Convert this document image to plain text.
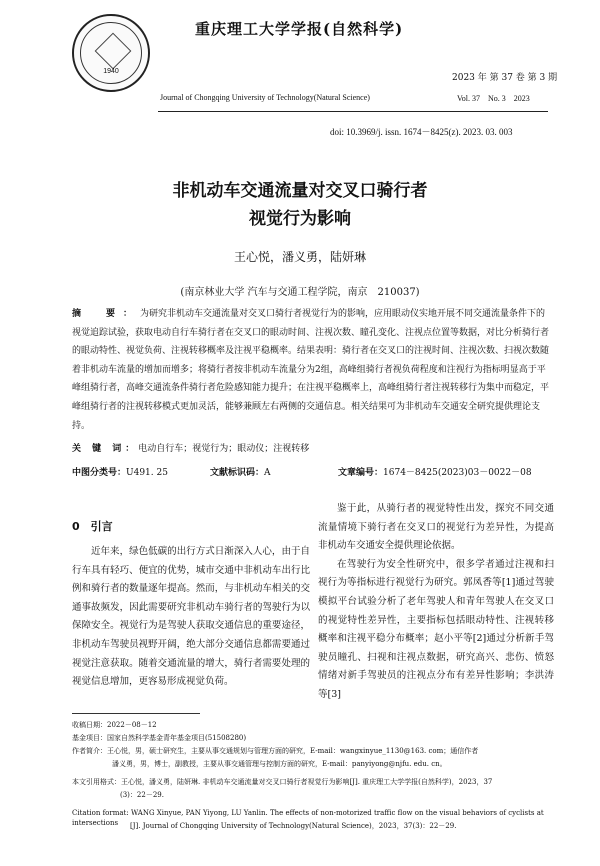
1940
重庆理工大学学报(自然科学)
Journal of Chongqing University of Technology(Natural Science)
2023 年 第 37 卷 第 3 期
Vol. 37　No. 3　2023
doi: 10.3969/j. issn. 1674－8425(z). 2023. 03. 003
非机动车交通流量对交叉口骑行者
视觉行为影响
王心悦，潘义勇，陆妍琳
(南京林业大学 汽车与交通工程学院，南京　210037)
摘　要：为研究非机动车交通流量对交叉口骑行者视觉行为的影响，应用眼动仪实地开展不同交通流量条件下的视觉追踪试验，获取电动自行车骑行者在交叉口的眼动时间、注视次数、瞳孔变化、注视点位置等数据，对比分析骑行者的眼动特性、视觉负荷、注视转移概率及注视平稳概率。结果表明：骑行者在交叉口的注视时间、注视次数、扫视次数随着非机动车流量的增加而增多；将骑行者按非机动车流量分为2组，高峰组骑行者视负荷程度和注视行为指标明显高于平峰组骑行者，高峰交通流条件骑行者危险感知能力提升；在注视平稳概率上，高峰组骑行者注视转移行为集中而稳定，平峰组骑行者的注视转移模式更加灵活，能够兼顾左右两侧的交通信息。相关结果可为非机动车交通安全研究提供理论支持。
关 键 词：电动自行车；视觉行为；眼动仪；注视转移
中图分类号：U491. 25	文献标识码：A	文章编号：1674－8425(2023)03－0022－08
0　引言
近年来，绿色低碳的出行方式日渐深入人心，由于自行车具有轻巧、便宜的优势，城市交通中非机动车出行比例和骑行者的数量逐年提高。然而，与非机动车相关的交通事故频发，因此需要研究非机动车骑行者的驾驶行为以保障安全。视觉行为是驾驶人获取交通信息的重要途径，非机动车驾驶员视野开阔，绝大部分交通信息都需要通过视觉注意获取。随着交通流量的增大，骑行者需要处理的视觉信息增加，更容易形成视觉负荷。

鉴于此，从骑行者的视觉特性出发，探究不同交通流量情境下骑行者在交叉口的视觉行为差异性，为提高非机动车交通安全提供理论依据。

在驾驶行为安全性研究中，很多学者通过注视和扫视行为等指标进行视觉行为研究。郭凤香等[1]通过驾驶模拟平台试验分析了老年驾驶人和青年驾驶人在交叉口的视觉特性差异性，主要指标包括眼动特性、注视转移概率和注视平稳分布概率；赵小平等[2]通过分析新手驾驶员瞳孔、扫视和注视点数据，研究高兴、悲伤、愤怒情绪对新手驾驶员的注视点分布有差异性影响；李洪涛等[3]

收稿日期：2022－08－12
基金项目：国家自然科学基金青年基金项目(51508280)
作者简介：王心悦，男，硕士研究生，主要从事交通规划与管理方面的研究，E-mail：wangxinyue_1130@163. com；通信作者
潘义勇，男，博士，副教授，主要从事交通管理与控制方面的研究，E-mail：panyiyong@njfu. edu. cn。
本文引用格式：王心悦，潘义勇，陆妍琳. 非机动车交通流量对交叉口骑行者视觉行为影响[J]. 重庆理工大学学报(自然科学)，2023，37
(3)：22－29.
Citation format: WANG Xinyue, PAN Yiyong, LU Yanlin. The effects of non-motorized traffic flow on the visual behaviors of cyclists at intersections	[J]. Journal of Chongqing University of Technology(Natural Science)，2023，37(3)：22－29.
